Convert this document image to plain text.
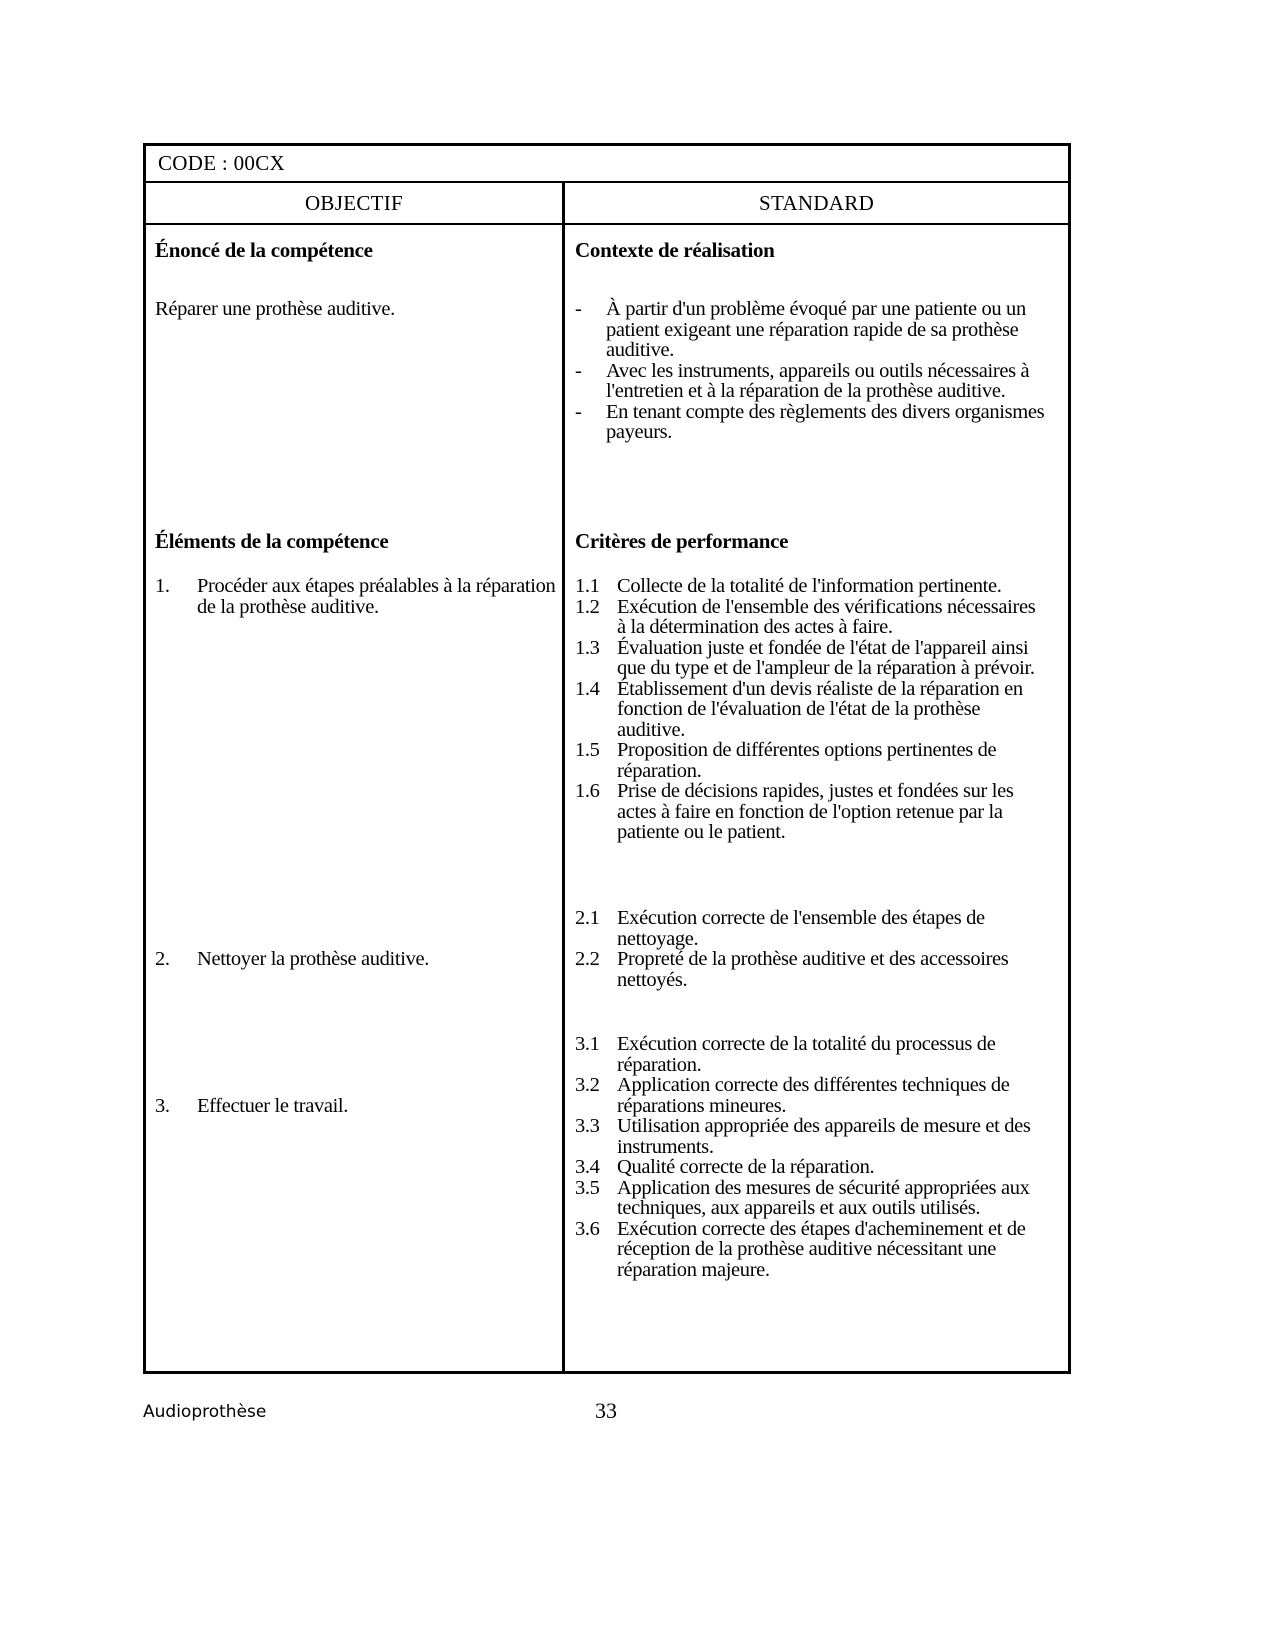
CODE : 00CX
OBJECTIF	STANDARD
Énoncé de la compétence
Réparer une prothèse auditive.
Éléments de la compétence
1. Procéder aux étapes préalables à la réparation de la prothèse auditive.
2. Nettoyer la prothèse auditive.
3. Effectuer le travail.
Contexte de réalisation
- À partir d'un problème évoqué par une patiente ou un patient exigeant une réparation rapide de sa prothèse auditive.
- Avec les instruments, appareils ou outils nécessaires à l'entretien et à la réparation de la prothèse auditive.
- En tenant compte des règlements des divers organismes payeurs.
Critères de performance
1.1 Collecte de la totalité de l'information pertinente.
1.2 Exécution de l'ensemble des vérifications nécessaires à la détermination des actes à faire.
1.3 Évaluation juste et fondée de l'état de l'appareil ainsi que du type et de l'ampleur de la réparation à prévoir.
1.4 Établissement d'un devis réaliste de la réparation en fonction de l'évaluation de l'état de la prothèse auditive.
1.5 Proposition de différentes options pertinentes de réparation.
1.6 Prise de décisions rapides, justes et fondées sur les actes à faire en fonction de l'option retenue par la patiente ou le patient.
2.1 Exécution correcte de l'ensemble des étapes de nettoyage.
2.2 Propreté de la prothèse auditive et des accessoires nettoyés.
3.1 Exécution correcte de la totalité du processus de réparation.
3.2 Application correcte des différentes techniques de réparations mineures.
3.3 Utilisation appropriée des appareils de mesure et des instruments.
3.4 Qualité correcte de la réparation.
3.5 Application des mesures de sécurité appropriées aux techniques, aux appareils et aux outils utilisés.
3.6 Exécution correcte des étapes d'acheminement et de réception de la prothèse auditive nécessitant une réparation majeure.
Audioprothèse	33
